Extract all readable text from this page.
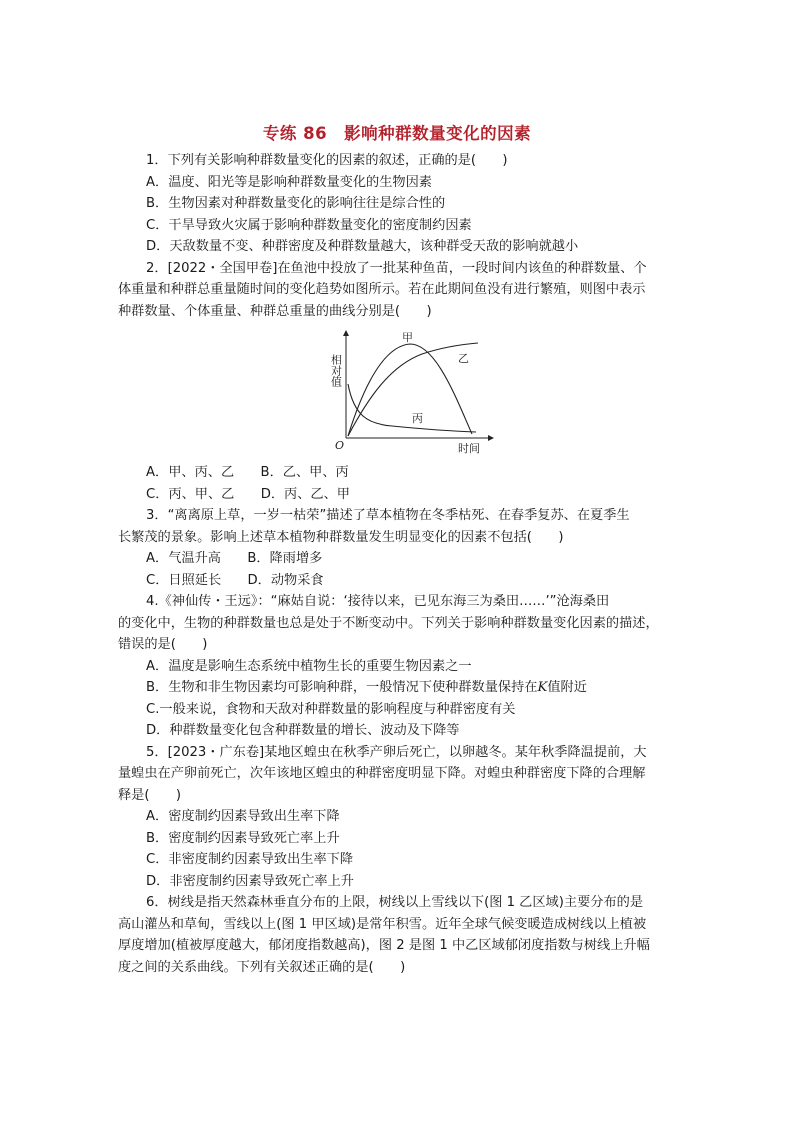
专练 86　影响种群数量变化的因素
1．下列有关影响种群数量变化的因素的叙述，正确的是(　　)
A．温度、阳光等是影响种群数量变化的生物因素
B．生物因素对种群数量变化的影响往往是综合性的
C．干旱导致火灾属于影响种群数量变化的密度制约因素
D．天敌数量不变、种群密度及种群数量越大，该种群受天敌的影响就越小
2．[2022・全国甲卷]在鱼池中投放了一批某种鱼苗，一段时间内该鱼的种群数量、个
体重量和种群总重量随时间的变化趋势如图所示。若在此期间鱼没有进行繁殖，则图中表示
种群数量、个体重量、种群总重量的曲线分别是(　　)
相对值
时间
O
甲
乙
丙
A．甲、丙、乙　　B．乙、甲、丙
C．丙、甲、乙　　D．丙、乙、甲
3．“离离原上草，一岁一枯荣”描述了草本植物在冬季枯死、在春季复苏、在夏季生
长繁茂的景象。影响上述草本植物种群数量发生明显变化的因素不包括(　　)
A．气温升高　　B．降雨增多
C．日照延长　　D．动物采食
4.《神仙传・王远》：“麻姑自说：‘接待以来，已见东海三为桑田……’”沧海桑田
的变化中，生物的种群数量也总是处于不断变动中。下列关于影响种群数量变化因素的描述，
错误的是(　　)
A．温度是影响生态系统中植物生长的重要生物因素之一
B．生物和非生物因素均可影响种群，一般情况下使种群数量保持在K值附近
C.一般来说，食物和天敌对种群数量的影响程度与种群密度有关
D．种群数量变化包含种群数量的增长、波动及下降等
5．[2023・广东卷]某地区蝗虫在秋季产卵后死亡，以卵越冬。某年秋季降温提前，大
量蝗虫在产卵前死亡，次年该地区蝗虫的种群密度明显下降。对蝗虫种群密度下降的合理解
释是(　　)
A．密度制约因素导致出生率下降
B．密度制约因素导致死亡率上升
C．非密度制约因素导致出生率下降
D．非密度制约因素导致死亡率上升
6．树线是指天然森林垂直分布的上限，树线以上雪线以下(图 1 乙区域)主要分布的是
高山灌丛和草甸，雪线以上(图 1 甲区域)是常年积雪。近年全球气候变暖造成树线以上植被
厚度增加(植被厚度越大，郁闭度指数越高)，图 2 是图 1 中乙区域郁闭度指数与树线上升幅
度之间的关系曲线。下列有关叙述正确的是(　　)
